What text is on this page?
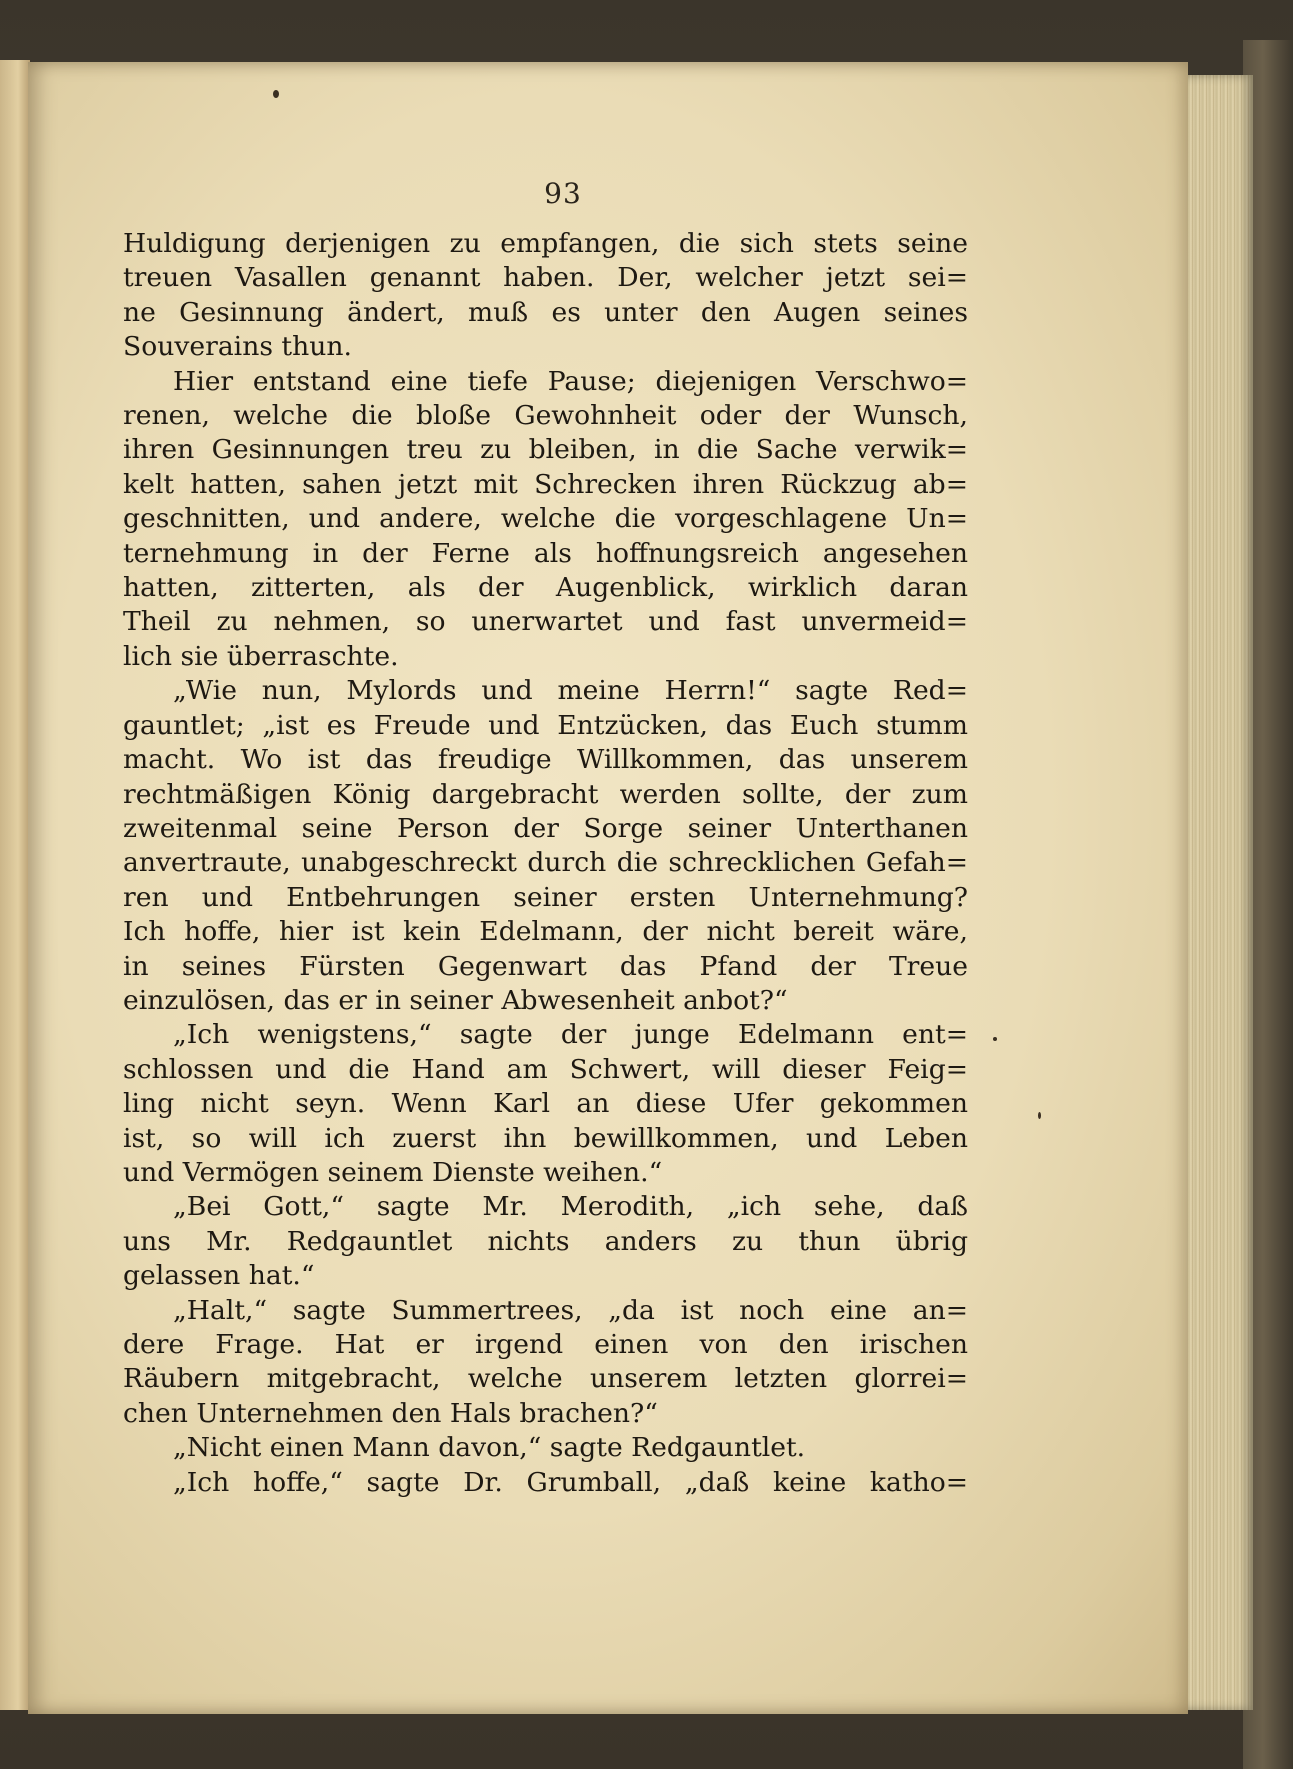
93
Huldigung derjenigen zu empfangen, die sich stets seine
treuen Vasallen genannt haben. Der, welcher jetzt sei=
ne Gesinnung ändert, muß es unter den Augen seines
Souverains thun.
Hier entstand eine tiefe Pause; diejenigen Verschwo=
renen, welche die bloße Gewohnheit oder der Wunsch,
ihren Gesinnungen treu zu bleiben, in die Sache verwik=
kelt hatten, sahen jetzt mit Schrecken ihren Rückzug ab=
geschnitten, und andere, welche die vorgeschlagene Un=
ternehmung in der Ferne als hoffnungsreich angesehen
hatten, zitterten, als der Augenblick, wirklich daran
Theil zu nehmen, so unerwartet und fast unvermeid=
lich sie überraschte.
„Wie nun, Mylords und meine Herrn!“ sagte Red=
gauntlet; „ist es Freude und Entzücken, das Euch stumm
macht. Wo ist das freudige Willkommen, das unserem
rechtmäßigen König dargebracht werden sollte, der zum
zweitenmal seine Person der Sorge seiner Unterthanen
anvertraute, unabgeschreckt durch die schrecklichen Gefah=
ren und Entbehrungen seiner ersten Unternehmung?
Ich hoffe, hier ist kein Edelmann, der nicht bereit wäre,
in seines Fürsten Gegenwart das Pfand der Treue
einzulösen, das er in seiner Abwesenheit anbot?“
„Ich wenigstens,“ sagte der junge Edelmann ent=
schlossen und die Hand am Schwert, will dieser Feig=
ling nicht seyn. Wenn Karl an diese Ufer gekommen
ist, so will ich zuerst ihn bewillkommen, und Leben
und Vermögen seinem Dienste weihen.“
„Bei Gott,“ sagte Mr. Merodith, „ich sehe, daß
uns Mr. Redgauntlet nichts anders zu thun übrig
gelassen hat.“
„Halt,“ sagte Summertrees, „da ist noch eine an=
dere Frage. Hat er irgend einen von den irischen
Räubern mitgebracht, welche unserem letzten glorrei=
chen Unternehmen den Hals brachen?“
„Nicht einen Mann davon,“ sagte Redgauntlet.
„Ich hoffe,“ sagte Dr. Grumball, „daß keine katho=
